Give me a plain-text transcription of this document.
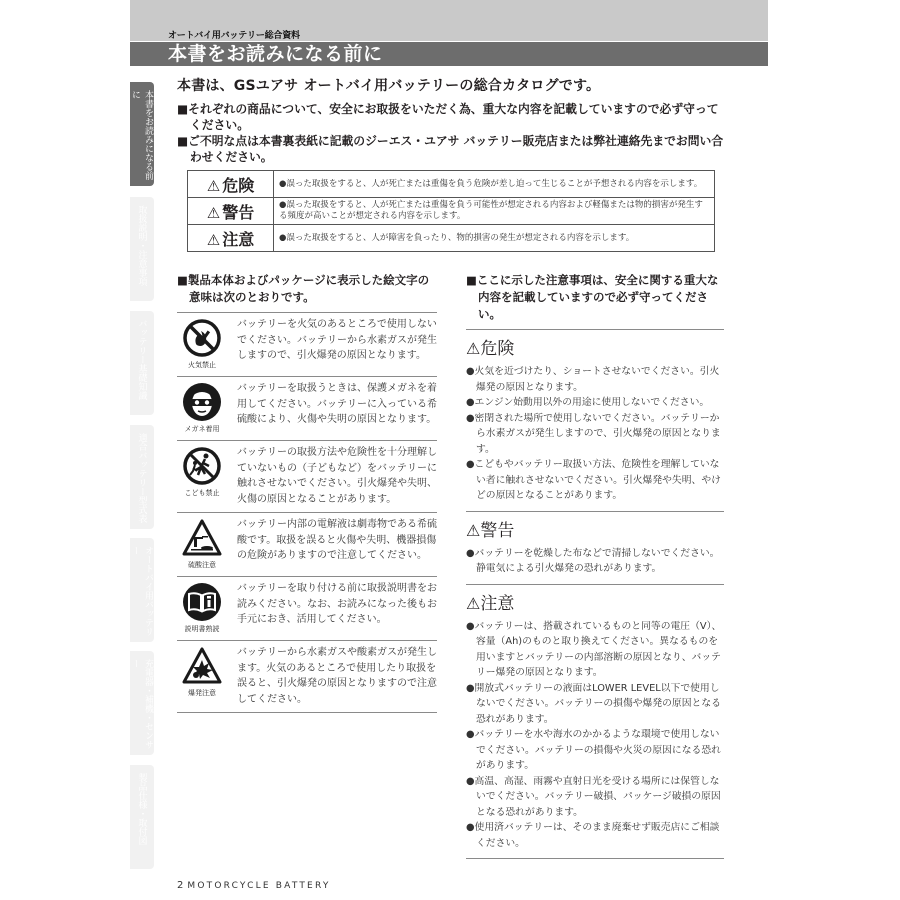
オートバイ用バッテリー総合資料
本書をお読みになる前に
本書をお読みになる前に
取扱説明・注意事項
バッテリー基礎知識
適合バッテリー型式表
オートバイ用バッテリー
充電器・補機・センサー
製品仕様・取付図
本書は、GSユアサ オートバイ用バッテリーの総合カタログです。
■それぞれの商品について、安全にお取扱をいただく為、重大な内容を記載していますので必ず守ってください。
■ご不明な点は本書裏表紙に記載のジーエス・ユアサ バッテリー販売店または弊社連絡先までお問い合わせください。
⚠ 危険	●誤った取扱をすると、人が死亡または重傷を負う危険が差し迫って生じることが予想される内容を示します。
⚠ 警告	●誤った取扱をすると、人が死亡または重傷を負う可能性が想定される内容および軽傷または物的損害が発生する頻度が高いことが想定される内容を示します。
⚠ 注意	●誤った取扱をすると、人が障害を負ったり、物的損害の発生が想定される内容を示します。
■製品本体およびパッケージに表示した絵文字の意味は次のとおりです。
火気禁止
バッテリーを火気のあるところで使用しないでください。バッテリーから水素ガスが発生しますので、引火爆発の原因となります。
メガネ着用
バッテリーを取扱うときは、保護メガネを着用してください。バッテリーに入っている希硫酸により、火傷や失明の原因となります。
こども禁止
バッテリーの取扱方法や危険性を十分理解していないもの（子どもなど）をバッテリーに触れさせないでください。引火爆発や失明、火傷の原因となることがあります。
硫酸注意
バッテリー内部の電解液は劇毒物である希硫酸です。取扱を誤ると火傷や失明、機器損傷の危険がありますので注意してください。
説明書熟読
バッテリーを取り付ける前に取扱説明書をお読みください。なお、お読みになった後もお手元におき、活用してください。
爆発注意
バッテリーから水素ガスや酸素ガスが発生します。火気のあるところで使用したり取扱を誤ると、引火爆発の原因となりますので注意してください。
■ここに示した注意事項は、安全に関する重大な内容を記載していますので必ず守ってください。
⚠危険
●火気を近づけたり、ショートさせないでください。引火爆発の原因となります。
●エンジン始動用以外の用途に使用しないでください。
●密閉された場所で使用しないでください。バッテリーから水素ガスが発生しますので、引火爆発の原因となります。
●こどもやバッテリー取扱い方法、危険性を理解していない者に触れさせないでください。引火爆発や失明、やけどの原因となることがあります。
⚠警告
●バッテリーを乾燥した布などで清掃しないでください。静電気による引火爆発の恐れがあります。
⚠注意
●バッテリーは、搭載されているものと同等の電圧（V）、容量（Ah)のものと取り換えてください。異なるものを用いますとバッテリーの内部溶断の原因となり、バッテリー爆発の原因となります。
●開放式バッテリーの液面はLOWER LEVEL以下で使用しないでください。バッテリーの損傷や爆発の原因となる恐れがあります。
●バッテリーを水や海水のかかるような環境で使用しないでください。バッテリーの損傷や火災の原因になる恐れがあります。
●高温、高湿、雨霧や直射日光を受ける場所には保管しないでください。バッテリー破損、パッケージ破損の原因となる恐れがあります。
●使用済バッテリーは、そのまま廃棄せず販売店にご相談ください。
2 MOTORCYCLE BATTERY
